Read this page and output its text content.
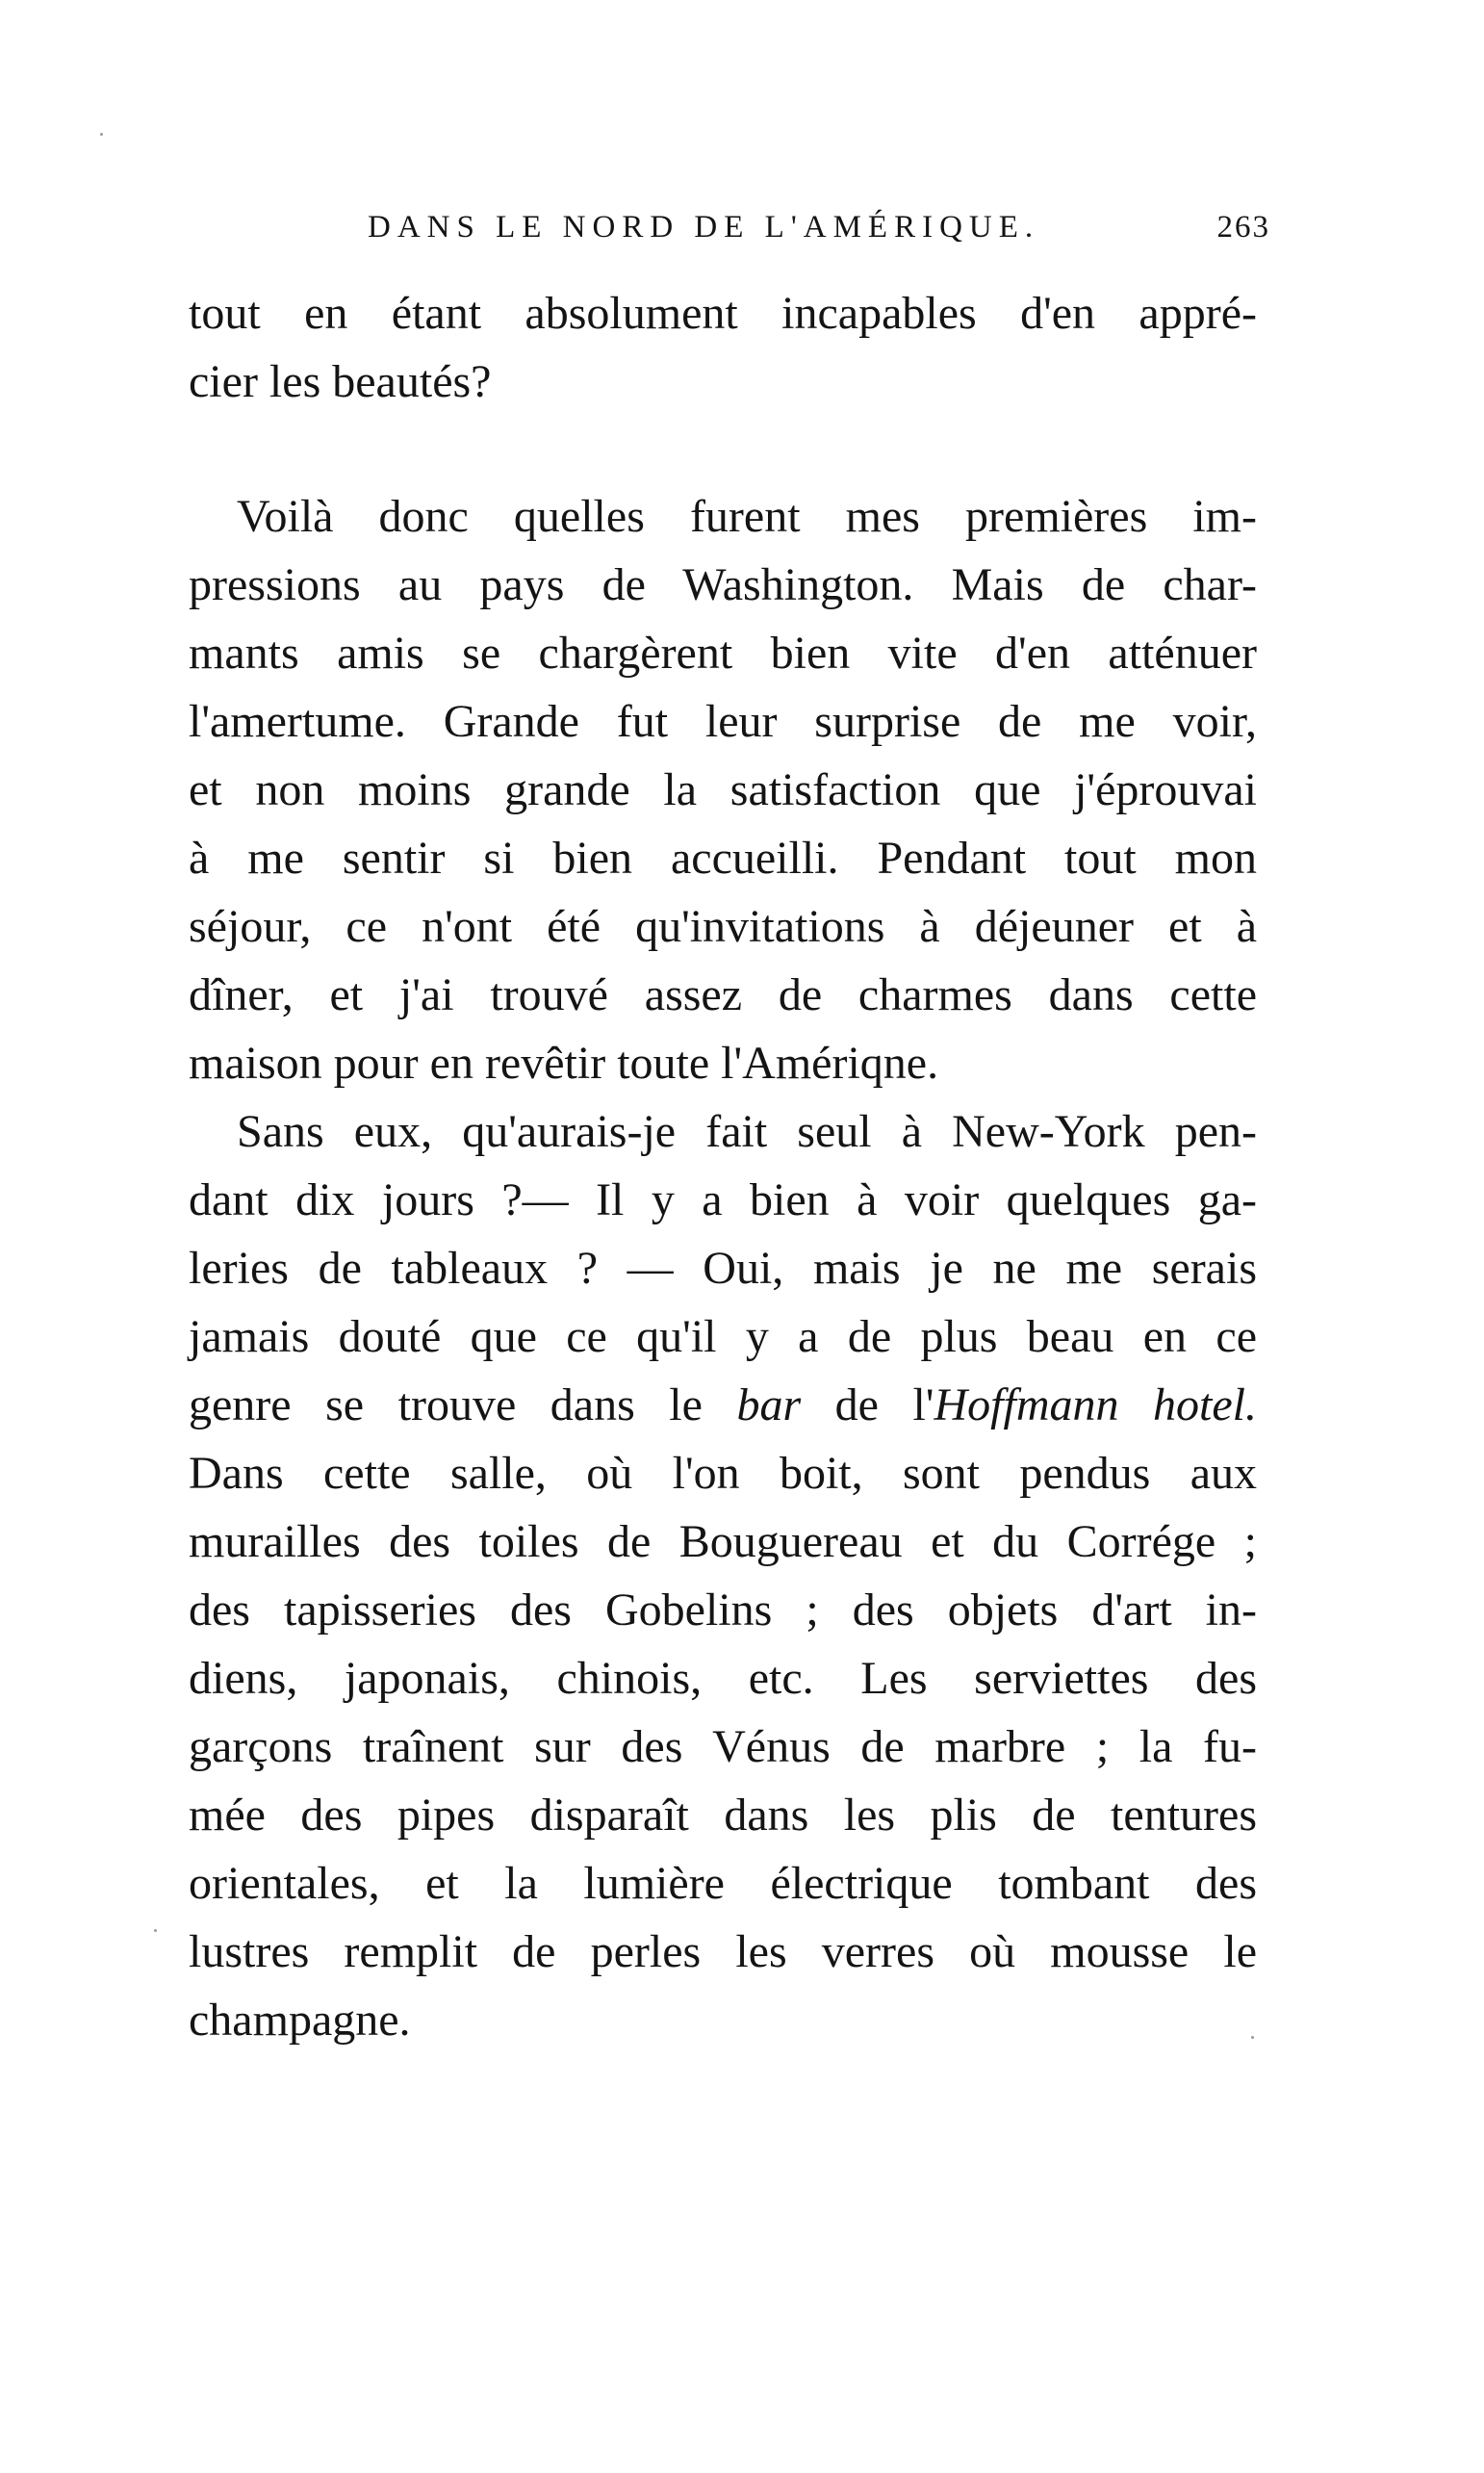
DANS LE NORD DE L'AMÉRIQUE.	263
tout en étant absolument incapables d'en appré-
cier les beautés?
Voilà donc quelles furent mes premières im-
pressions au pays de Washington. Mais de char-
mants amis se chargèrent bien vite d'en atténuer
l'amertume. Grande fut leur surprise de me voir,
et non moins grande la satisfaction que j'éprouvai
à me sentir si bien accueilli. Pendant tout mon
séjour, ce n'ont été qu'invitations à déjeuner et à
dîner, et j'ai trouvé assez de charmes dans cette
maison pour en revêtir toute l'Amériqne.
Sans eux, qu'aurais-je fait seul à New-York pen-
dant dix jours ?— Il y a bien à voir quelques ga-
leries de tableaux ? — Oui, mais je ne me serais
jamais douté que ce qu'il y a de plus beau en ce
genre se trouve dans le bar de l'Hoffmann hotel.
Dans cette salle, où l'on boit, sont pendus aux
murailles des toiles de Bouguereau et du Corrége ;
des tapisseries des Gobelins ; des objets d'art in-
diens, japonais, chinois, etc. Les serviettes des
garçons traînent sur des Vénus de marbre ; la fu-
mée des pipes disparaît dans les plis de tentures
orientales, et la lumière électrique tombant des
lustres remplit de perles les verres où mousse le
champagne.
